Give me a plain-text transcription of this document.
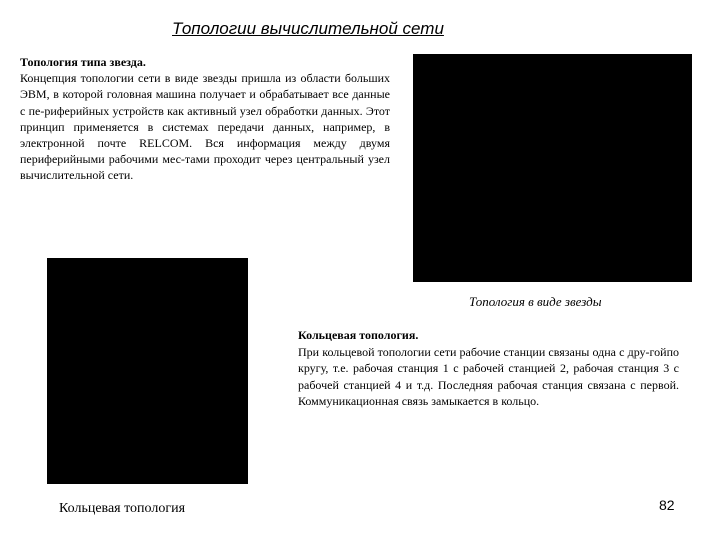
Топологии вычислительной сети
Топология типа звезда.
Концепция топологии сети в виде звезды пришла из области больших ЭВМ, в которой головная машина получает и обрабатывает все данные с пе-риферийных устройств как активный узел обработки данных. Этот принцип применяется в системах передачи данных, например, в электронной почте RELCOM. Вся информация между двумя периферийными рабочими мес-тами проходит через центральный узел вычислительной сети.
Топология в виде звезды
Кольцевая топология.
При кольцевой топологии сети рабочие станции связаны одна с дру-гойпо кругу, т.е. рабочая станция 1 с рабочей станцией 2, рабочая станция 3 с рабочей станцией 4 и т.д. Последняя рабочая станция связана с первой. Коммуникационная связь замыкается в кольцо.
Кольцевая топология	82
